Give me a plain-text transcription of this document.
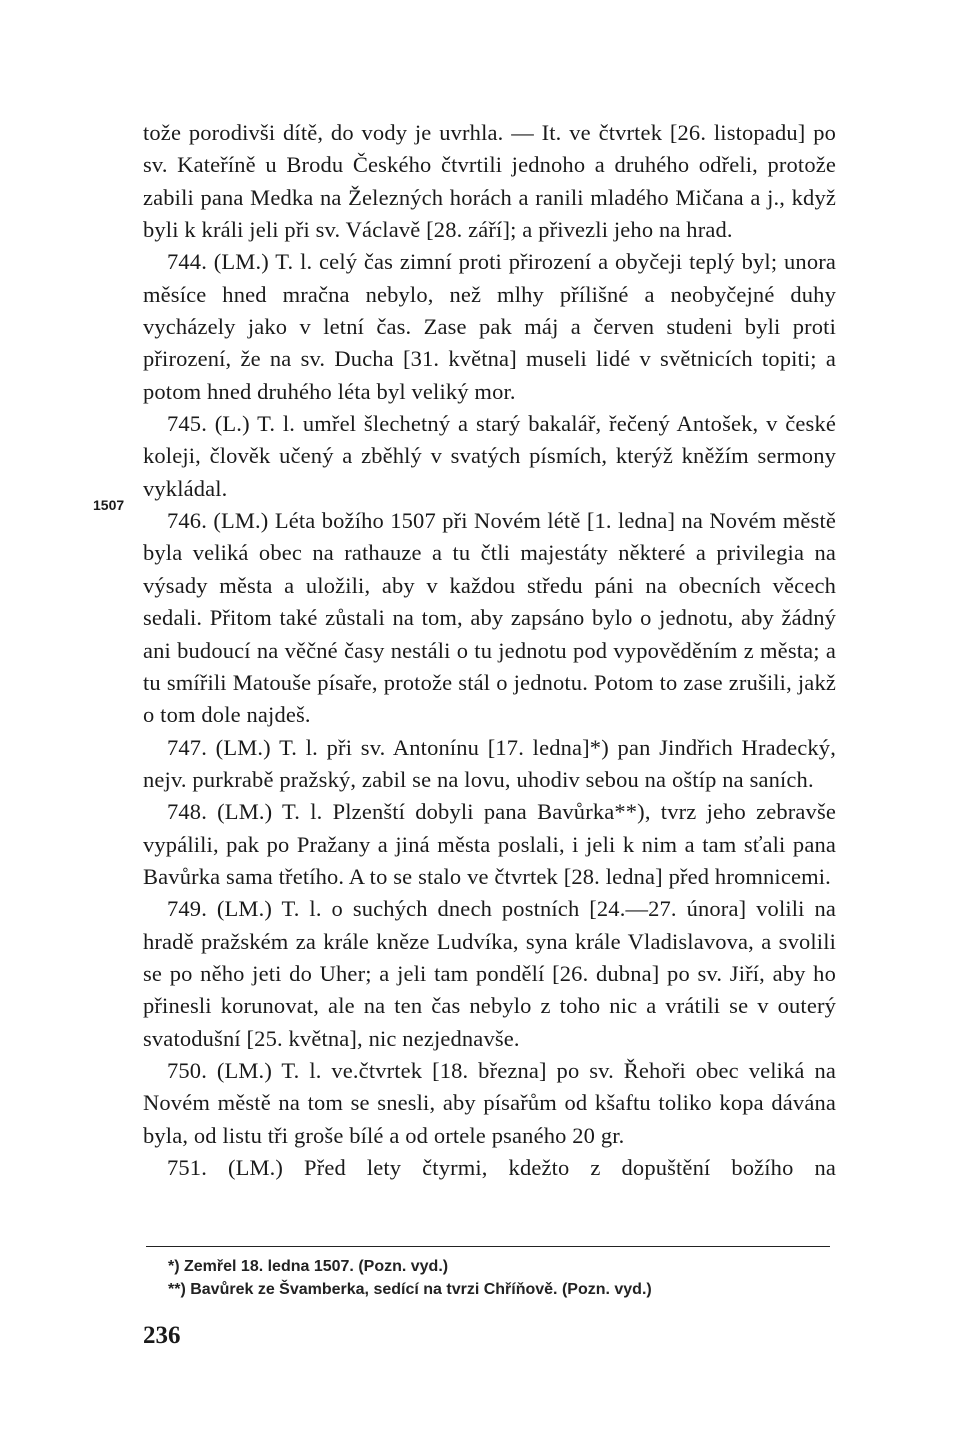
tože porodivši dítě, do vody je uvrhla. — It. ve čtvrtek [26. listopadu] po sv. Kateříně u Brodu Českého čtvrtili jednoho a druhého odřeli, protože zabili pana Medka na Železných horách a ranili mladého Mičana a j., když byli k králi jeli při sv. Václavě [28. září]; a přivezli jeho na hrad.

744. (LM.) T. l. celý čas zimní proti přirození a obyčeji teplý byl; unora měsíce hned mračna nebylo, než mlhy přílišné a neobyčejné duhy vycházely jako v letní čas. Zase pak máj a červen studeni byli proti přirození, že na sv. Ducha [31. května] museli lidé v světnicích topiti; a potom hned druhého léta byl veliký mor.

745. (L.) T. l. umřel šlechetný a starý bakalář, řečený Antošek, v české koleji, člověk učený a zběhlý v svatých písmích, kterýž kněžím sermony vykládal.

746. (LM.) Léta božího 1507 při Novém létě [1. ledna] na Novém městě byla veliká obec na rathauze a tu čtli majestáty některé a privilegia na výsady města a uložili, aby v každou středu páni na obecních věcech sedali. Přitom také zůstali na tom, aby zapsáno bylo o jednotu, aby žádný ani budoucí na věčné časy nestáli o tu jednotu pod vypověděním z města; a tu smířili Matouše písaře, protože stál o jednotu. Potom to zase zrušili, jakž o tom dole najdeš.

747. (LM.) T. l. při sv. Antonínu [17. ledna]*) pan Jindřich Hradecký, nejv. purkrabě pražský, zabil se na lovu, uhodiv sebou na oštíp na saních.

748. (LM.) T. l. Plzenští dobyli pana Bavůrka**), tvrz jeho zebravše vypálili, pak po Pražany a jiná města poslali, i jeli k nim a tam sťali pana Bavůrka sama třetího. A to se stalo ve čtvrtek [28. ledna] před hromnicemi.

749. (LM.) T. l. o suchých dnech postních [24.—27. února] volili na hradě pražském za krále kněze Ludvíka, syna krále Vladislavova, a svolili se po něho jeti do Uher; a jeli tam pondělí [26. dubna] po sv. Jiří, aby ho přinesli korunovat, ale na ten čas nebylo z toho nic a vrátili se v outerý svatodušní [25. května], nic nezjednavše.

750. (LM.) T. l. ve.čtvrtek [18. března] po sv. Řehoři obec veliká na Novém městě na tom se snesli, aby písařům od kšaftu toliko kopa dávána byla, od listu tři groše bílé a od ortele psaného 20 gr.

751. (LM.) Před lety čtyrmi, kdežto z dopuštění božího na

1507

*) Zemřel 18. ledna 1507. (Pozn. vyd.)

**) Bavůrek ze Švamberka, sedící na tvrzi Chříňově. (Pozn. vyd.)

236
